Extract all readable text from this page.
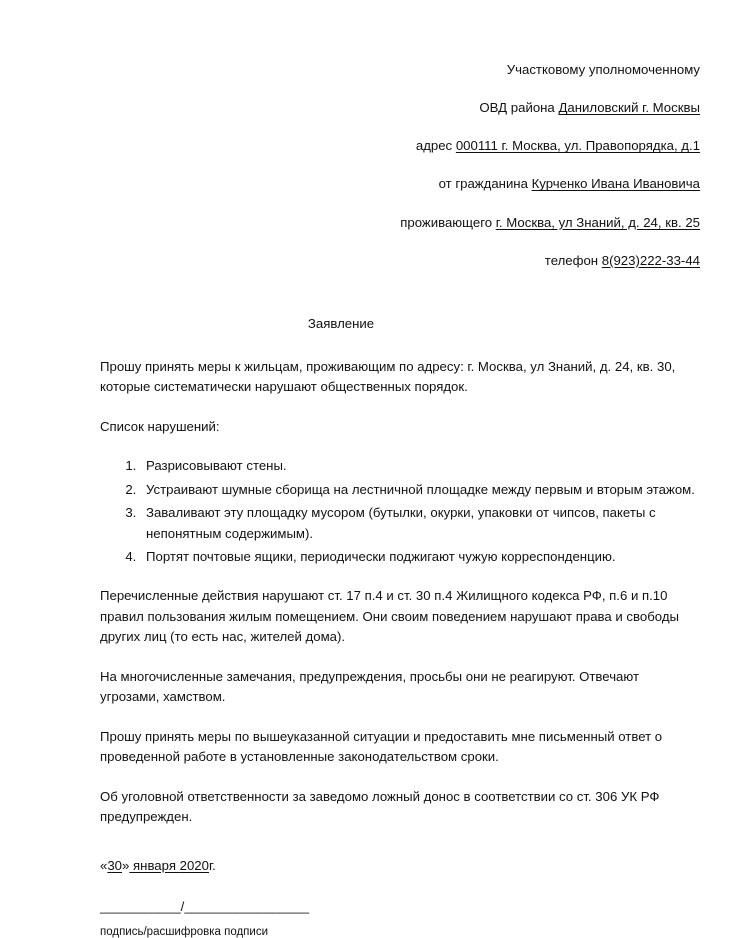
Участковому уполномоченному
ОВД района Даниловский г. Москвы
адрес 000111 г. Москва, ул. Правопорядка, д.1
от гражданина Курченко Ивана Ивановича
проживающего г. Москва, ул Знаний, д. 24, кв. 25
телефон 8(923)222-33-44
Заявление
Прошу принять меры к жильцам, проживающим по адресу: г. Москва, ул Знаний, д. 24, кв. 30, которые систематически нарушают общественных порядок.
Список нарушений:
1. Разрисовывают стены.
2. Устраивают шумные сборища на лестничной площадке между первым и вторым этажом.
3. Заваливают эту площадку мусором (бутылки, окурки, упаковки от чипсов, пакеты с непонятным содержимым).
4. Портят почтовые ящики, периодически поджигают чужую корреспонденцию.
Перечисленные действия нарушают ст. 17 п.4 и ст. 30 п.4 Жилищного кодекса РФ, п.6 и п.10 правил пользования жилым помещением. Они своим поведением нарушают права и свободы других лиц (то есть нас, жителей дома).
На многочисленные замечания, предупреждения, просьбы они не реагируют. Отвечают угрозами, хамством.
Прошу принять меры по вышеуказанной ситуации и предоставить мне письменный ответ о проведенной работе в установленные законодательством сроки.
Об уголовной ответственности за заведомо ложный донос в соответствии со ст. 306 УК РФ предупрежден.
«30» января 2020г.
___________/_________________
подпись/расшифровка подписи
